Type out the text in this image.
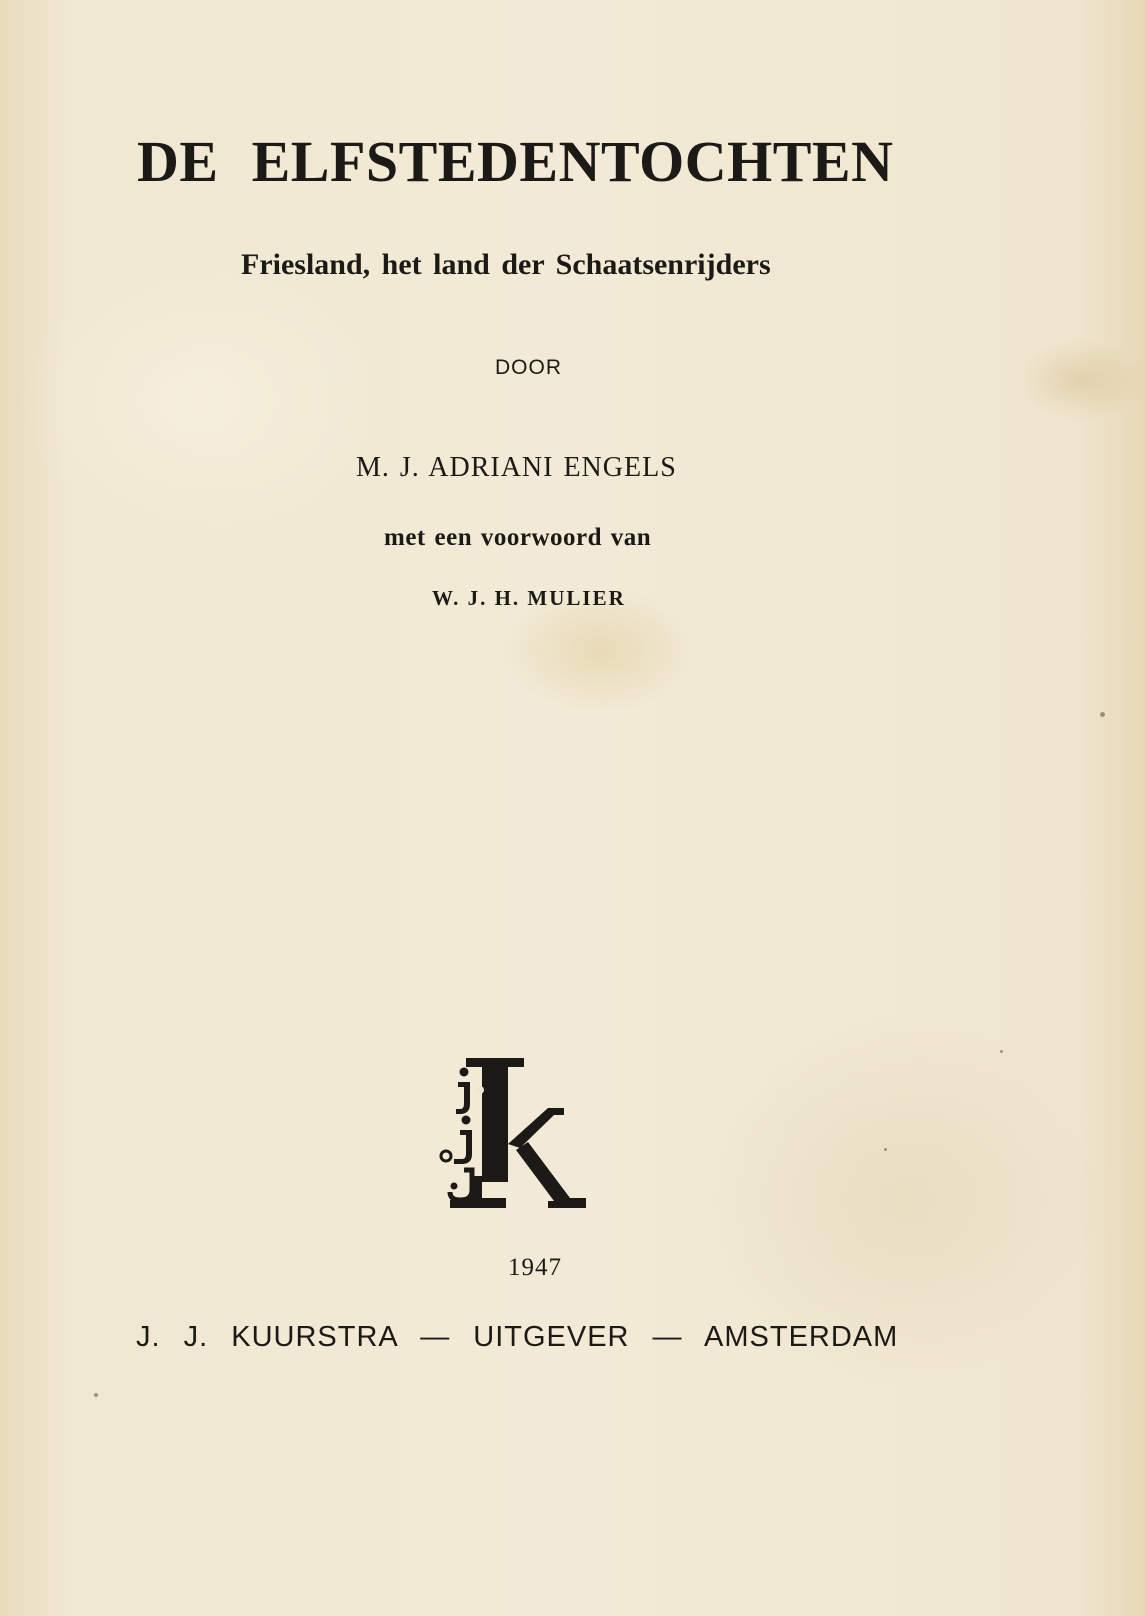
DE ELFSTEDENTOCHTEN

Friesland, het land der Schaatsenrijders

DOOR

M. J. ADRIANI ENGELS

met een voorwoord van

W. J. H. MULIER

1947

J. J. KUURSTRA — UITGEVER — AMSTERDAM
